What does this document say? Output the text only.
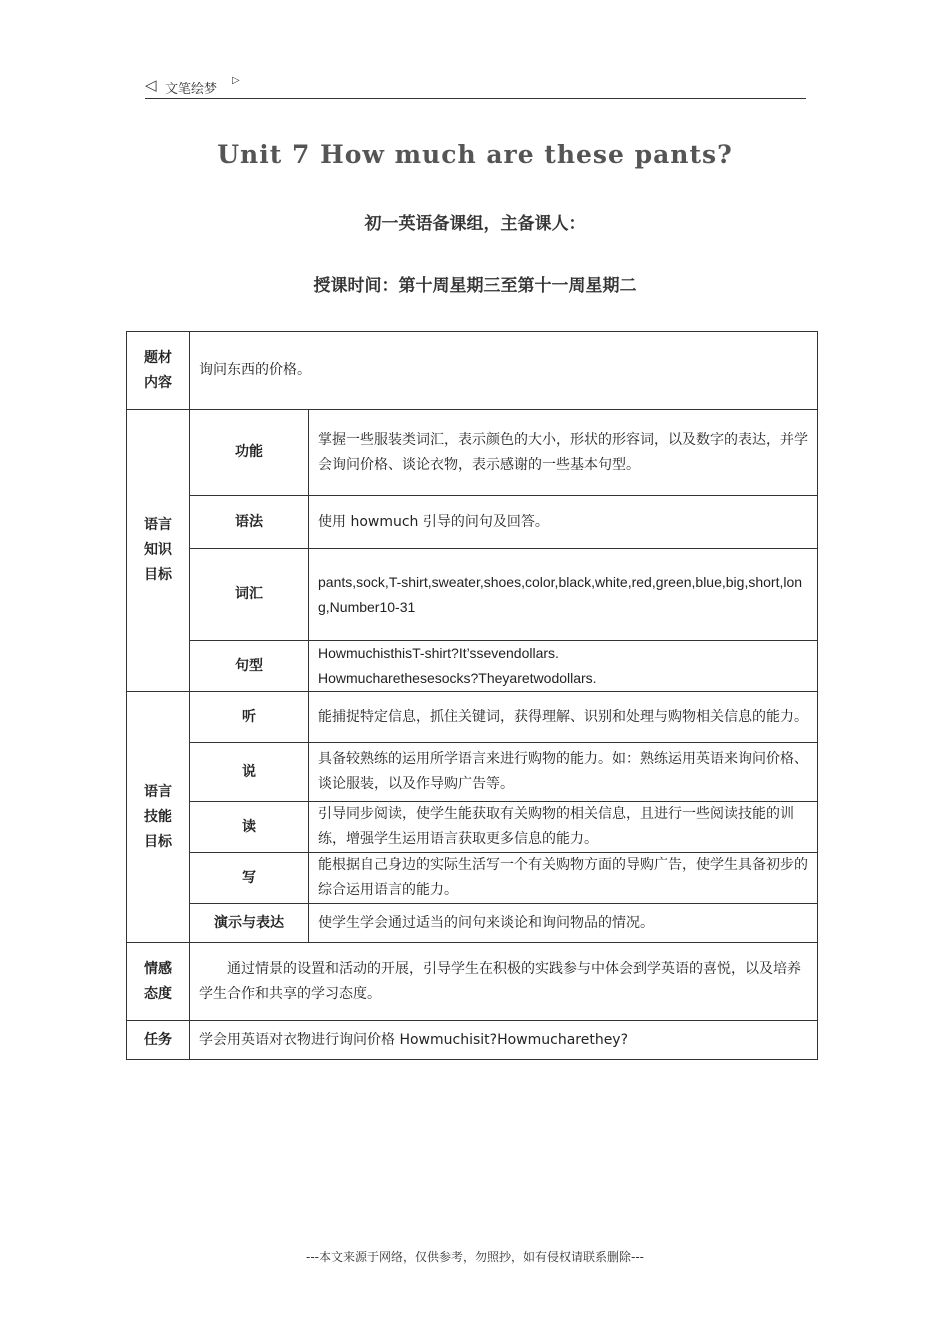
◁ 文笔绘梦
▷
Unit 7 How much are these pants?
初一英语备课组，主备课人：
授课时间：第十周星期三至第十一周星期二
题材内容	询问东西的价格。	

语言知识目标	功能	掌握一些服装类词汇，表示颜色的大小，形状的形容词，以及数字的表达，并学会询问价格、谈论衣物，表示感谢的一些基本句型。
	语法	使用 howmuch 引导的问句及回答。
	词汇	pants,sock,T-shirt,sweater,shoes,color,black,white,red,green,blue,big,short,long,Number10-31
	句型	HowmuchisthisT-shirt?It’ssevendollars.
Howmucharethesesocks?Theyaretwodollars.

语言技能目标	听	能捕捉特定信息，抓住关键词，获得理解、识别和处理与购物相关信息的能力。
	说	具备较熟练的运用所学语言来进行购物的能力。如：熟练运用英语来询问价格、谈论服装，以及作导购广告等。
	读	引导同步阅读，使学生能获取有关购物的相关信息，且进行一些阅读技能的训练，增强学生运用语言获取更多信息的能力。
	写	能根据自己身边的实际生活写一个有关购物方面的导购广告，使学生具备初步的综合运用语言的能力。
	演示与表达	使学生学会通过适当的问句来谈论和询问物品的情况。

情感态度	通过情景的设置和活动的开展，引导学生在积极的实践参与中体会到学英语的喜悦，以及培养学生合作和共享的学习态度。	
任务	学会用英语对衣物进行询问价格 Howmuchisit?Howmucharethey?	
---本文来源于网络，仅供参考，勿照抄，如有侵权请联系删除---
